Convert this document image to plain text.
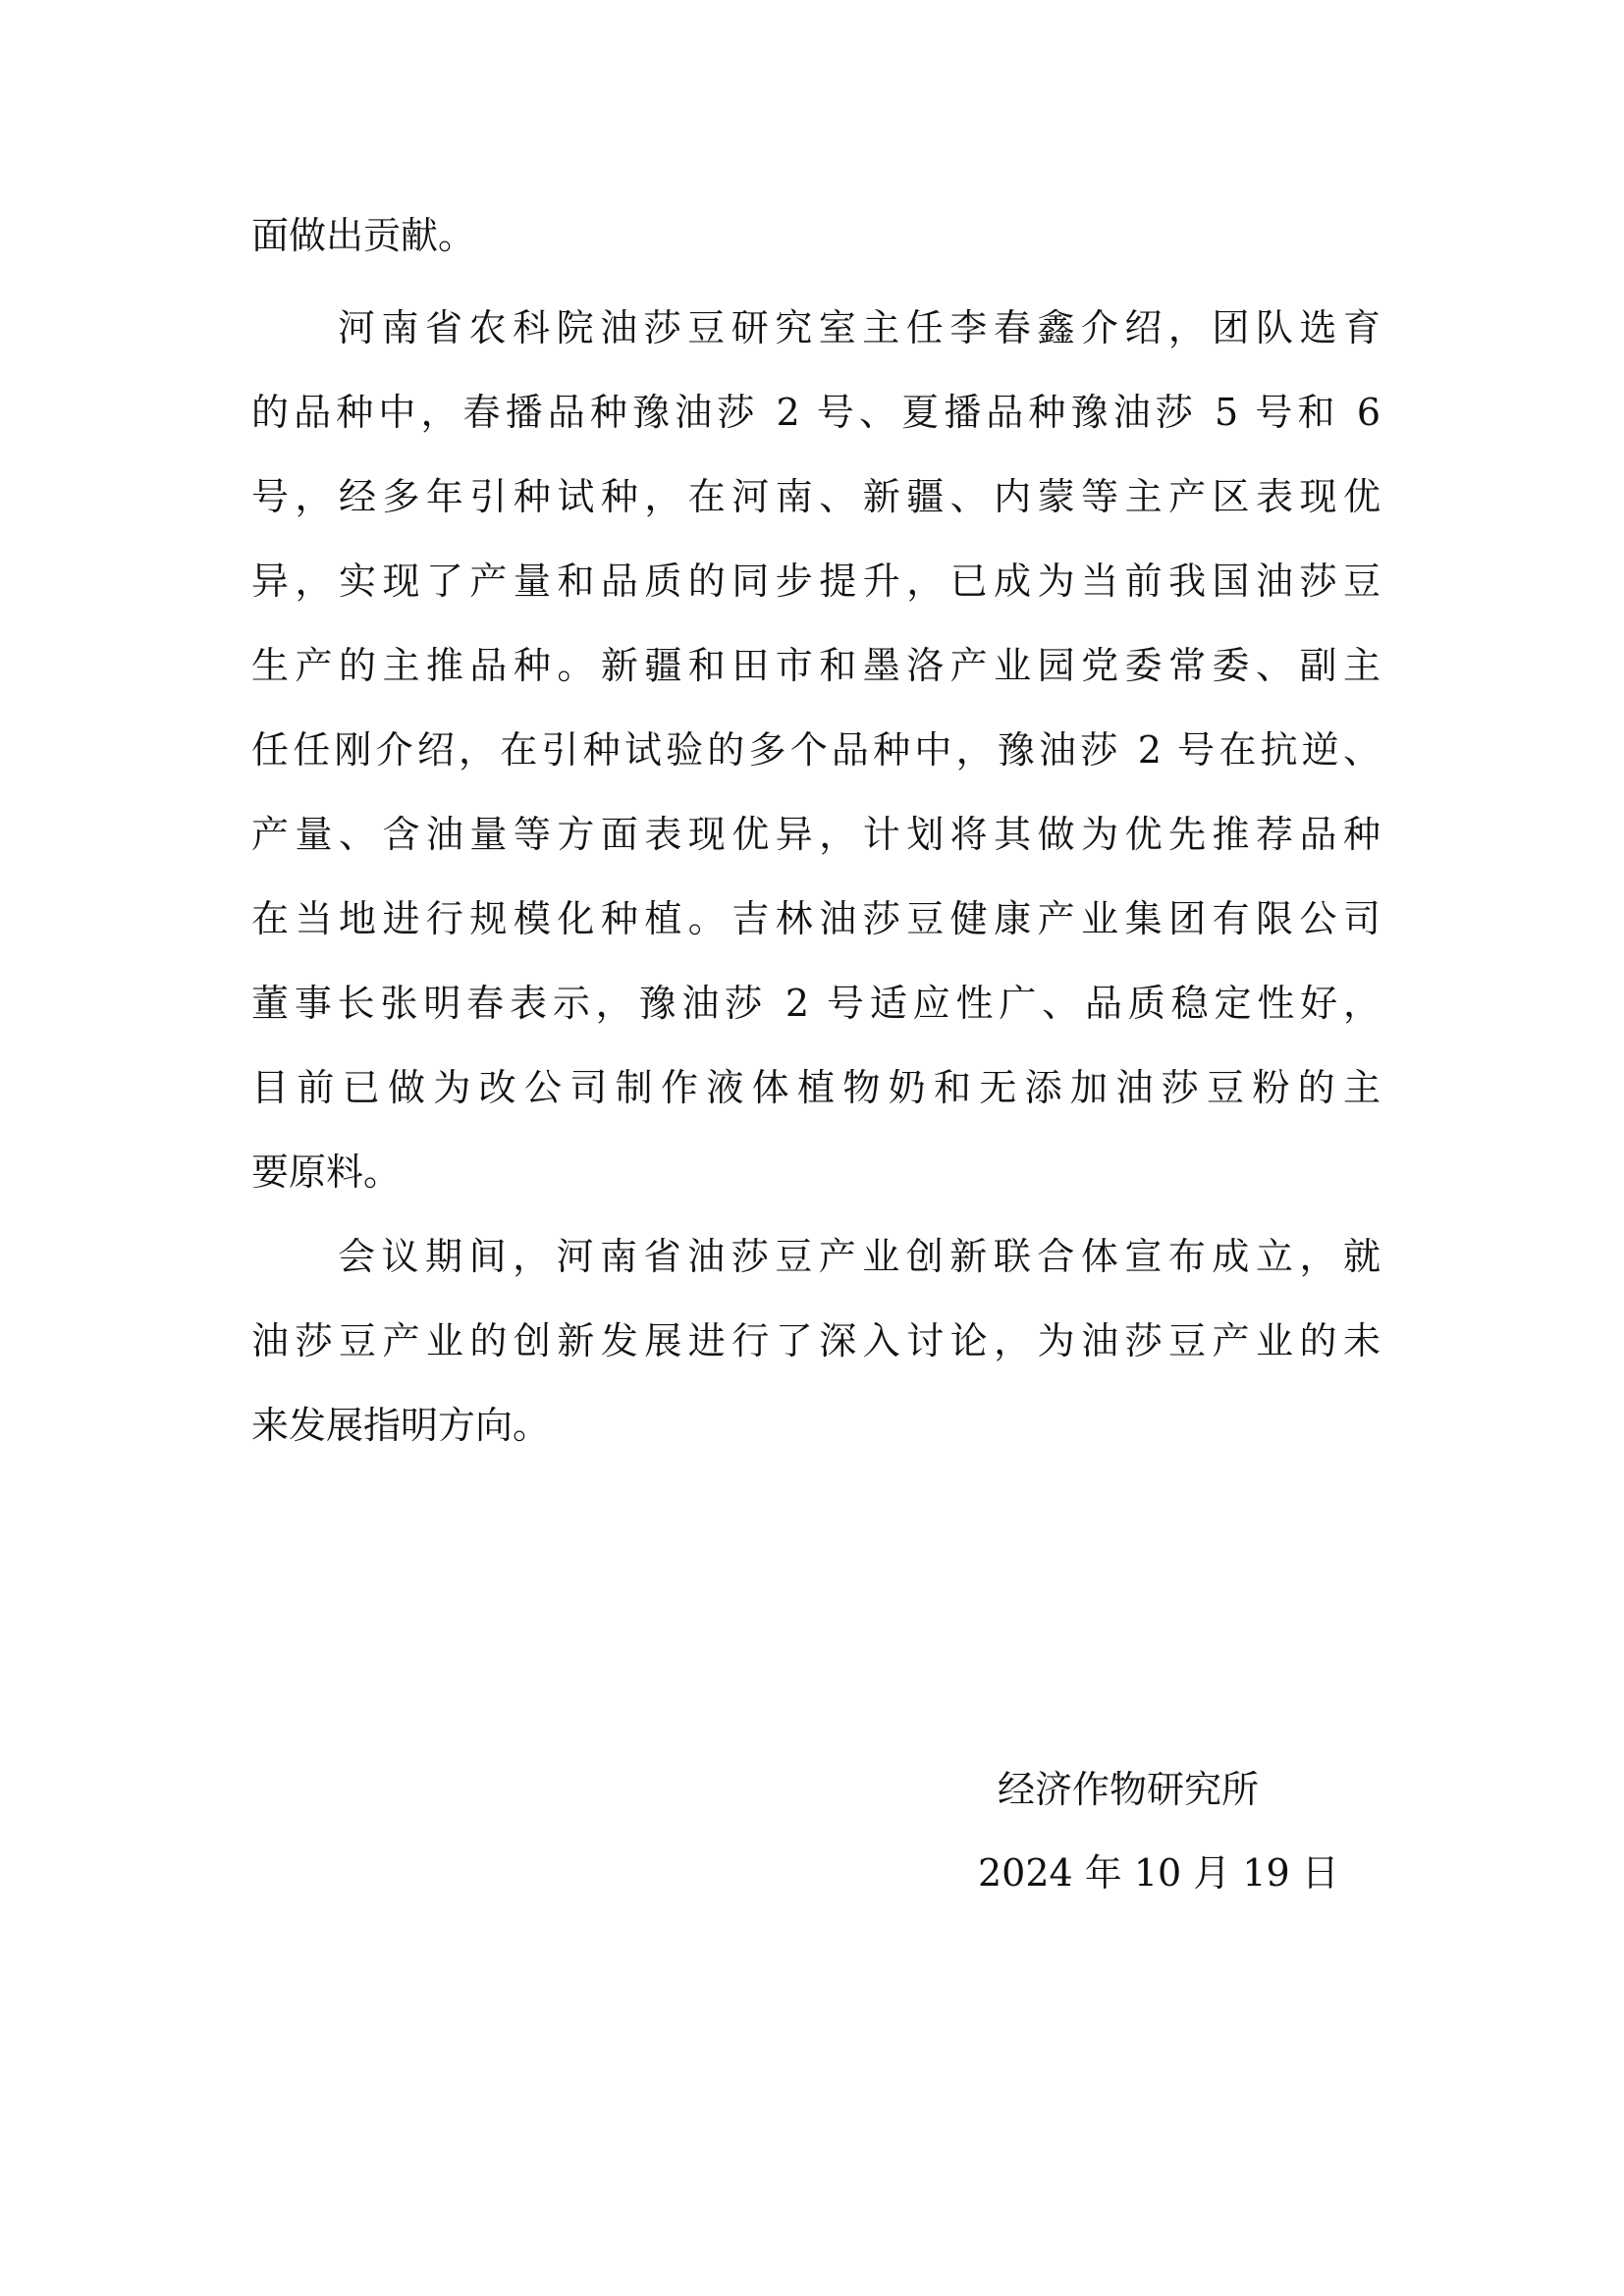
面做出贡献。
河南省农科院油莎豆研究室主任李春鑫介绍，团队选育
的品种中，春播品种豫油莎 2 号、夏播品种豫油莎 5 号和 6
号，经多年引种试种，在河南、新疆、内蒙等主产区表现优
异，实现了产量和品质的同步提升，已成为当前我国油莎豆
生产的主推品种。新疆和田市和墨洛产业园党委常委、副主
任任刚介绍，在引种试验的多个品种中，豫油莎 2 号在抗逆、
产量、含油量等方面表现优异，计划将其做为优先推荐品种
在当地进行规模化种植。吉林油莎豆健康产业集团有限公司
董事长张明春表示，豫油莎 2 号适应性广、品质稳定性好，
目前已做为改公司制作液体植物奶和无添加油莎豆粉的主
要原料。
会议期间，河南省油莎豆产业创新联合体宣布成立，就
油莎豆产业的创新发展进行了深入讨论，为油莎豆产业的未
来发展指明方向。
经济作物研究所
2024 年 10 月 19 日
